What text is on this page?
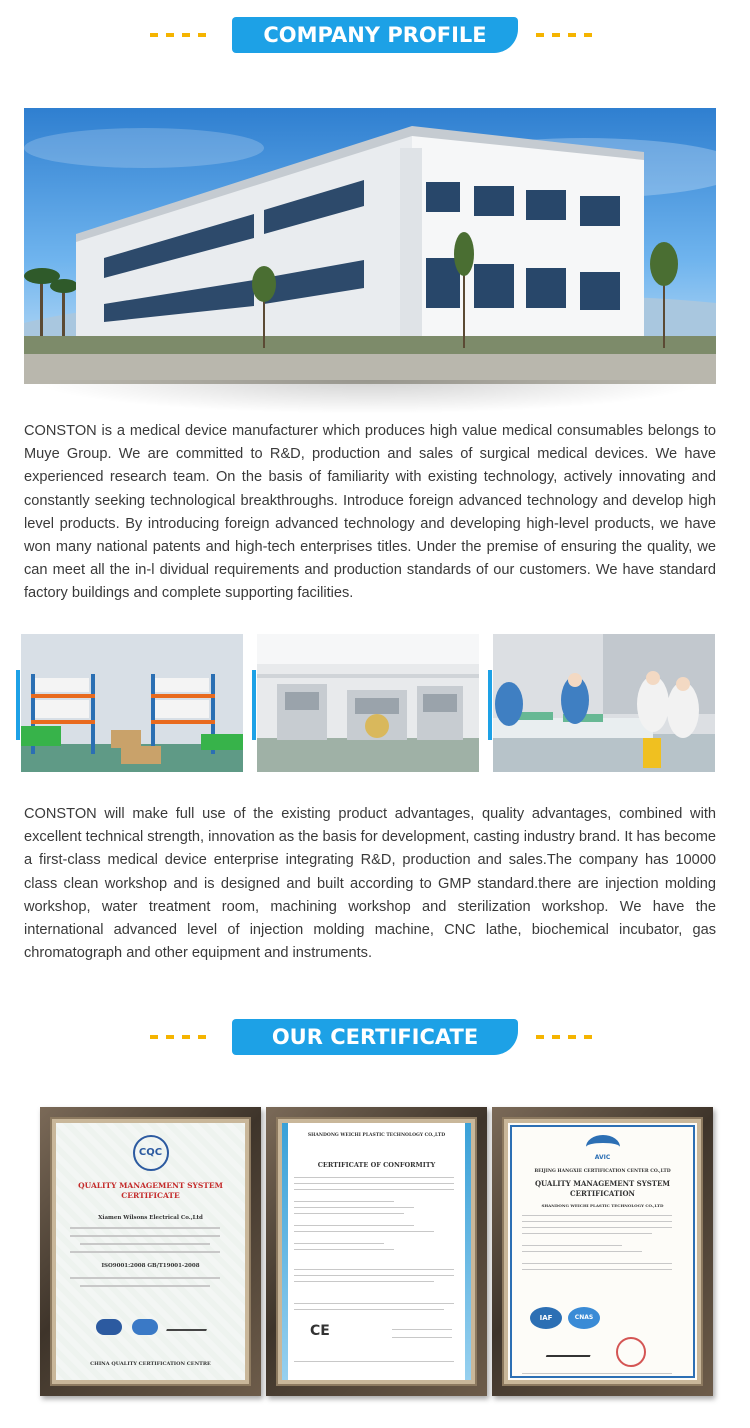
COMPANY PROFILE

CONSTON is a medical device manufacturer which produces high value medical consumables belongs to Muye Group. We are committed to R&D, production and sales of surgical medical devices. We have experienced research team. On the basis of familiarity with existing technology, actively innovating and constantly seeking technological breakthroughs. Introduce foreign advanced technology and develop high level products. By introducing foreign advanced technology and developing high-level products, we have won many national patents and high-tech enterprises titles. Under the premise of ensuring the quality, we can meet all the in-l dividual requirements and production standards of our customers. We have standard factory buildings and complete supporting facilities.

CONSTON will make full use of the existing product advantages, quality advantages, combined with excellent technical strength, innovation as the basis for development, casting industry brand. It has become a first-class medical device enterprise integrating R&D, production and sales.The company has 10000 class clean workshop and is designed and built according to GMP standard.there are injection molding workshop, water treatment room, machining workshop and sterilization workshop. We have the international advanced level of injection molding machine, CNC lathe, biochemical incubator, gas chromatograph and other equipment and instruments.

OUR CERTIFICATE
CQC
QUALITY MANAGEMENT SYSTEM
CERTIFICATE
Xiamen Wilsons Electrical Co.,Ltd
ISO9001:2008 GB/T19001-2008
CHINA QUALITY CERTIFICATION CENTRE
SHANDONG WEICHI PLASTIC TECHNOLOGY CO.,LTD
CERTIFICATE OF CONFORMITY
CE
AVIC
BEIJING HANGXIE CERTIFICATION CENTER CO.,LTD
QUALITY MANAGEMENT SYSTEM
CERTIFICATION
SHANDONG WEICHI PLASTIC TECHNOLOGY CO.,LTD
IAF	CNAS
